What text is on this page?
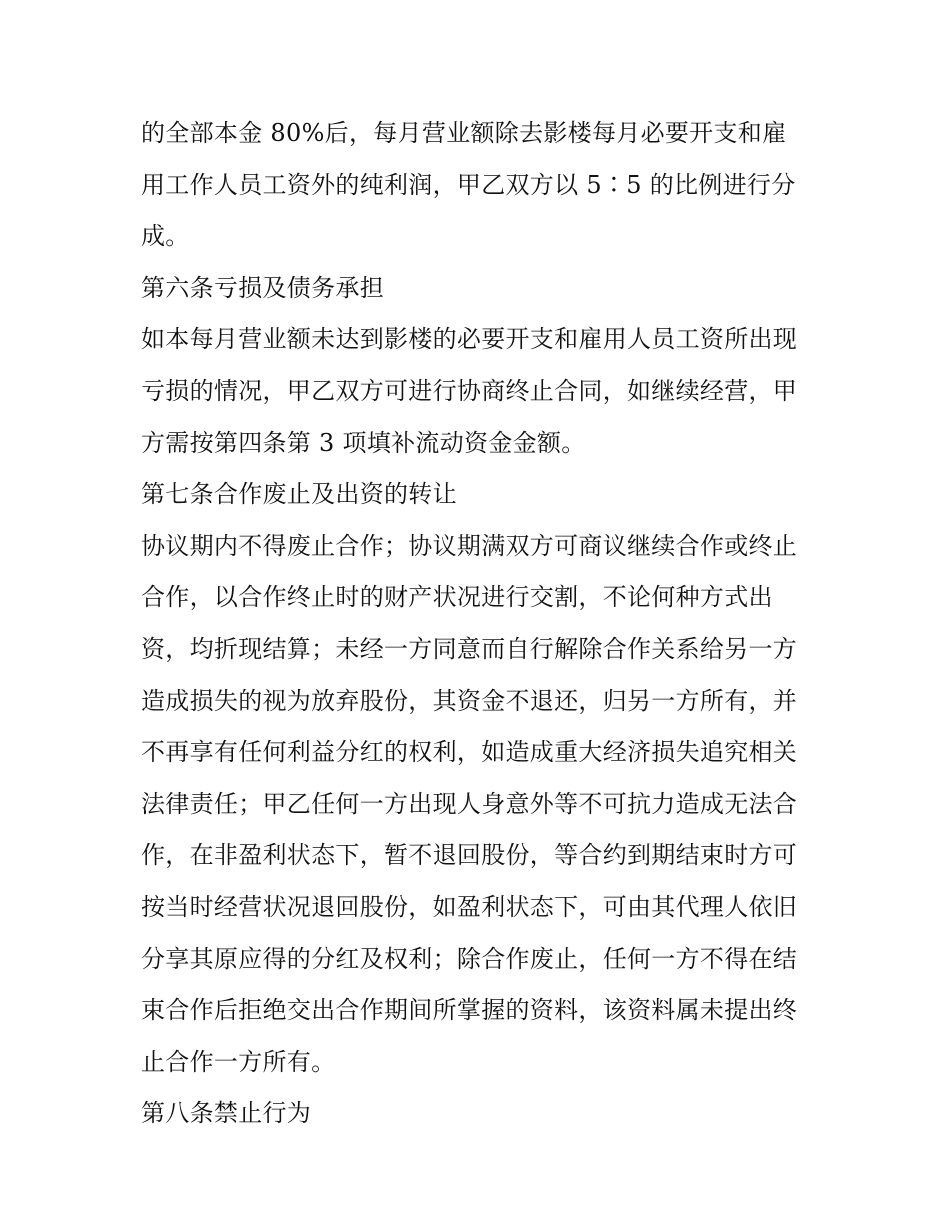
的全部本金 80%后，每月营业额除去影楼每月必要开支和雇
用工作人员工资外的纯利润，甲乙双方以 5∶5 的比例进行分
成。
第六条亏损及债务承担
如本每月营业额未达到影楼的必要开支和雇用人员工资所出现
亏损的情况，甲乙双方可进行协商终止合同，如继续经营，甲
方需按第四条第 3 项填补流动资金金额。
第七条合作废止及出资的转让
协议期内不得废止合作；协议期满双方可商议继续合作或终止
合作，以合作终止时的财产状况进行交割，不论何种方式出
资，均折现结算；未经一方同意而自行解除合作关系给另一方
造成损失的视为放弃股份，其资金不退还，归另一方所有，并
不再享有任何利益分红的权利，如造成重大经济损失追究相关
法律责任；甲乙任何一方出现人身意外等不可抗力造成无法合
作，在非盈利状态下，暂不退回股份，等合约到期结束时方可
按当时经营状况退回股份，如盈利状态下，可由其代理人依旧
分享其原应得的分红及权利；除合作废止，任何一方不得在结
束合作后拒绝交出合作期间所掌握的资料，该资料属未提出终
止合作一方所有。
第八条禁止行为
